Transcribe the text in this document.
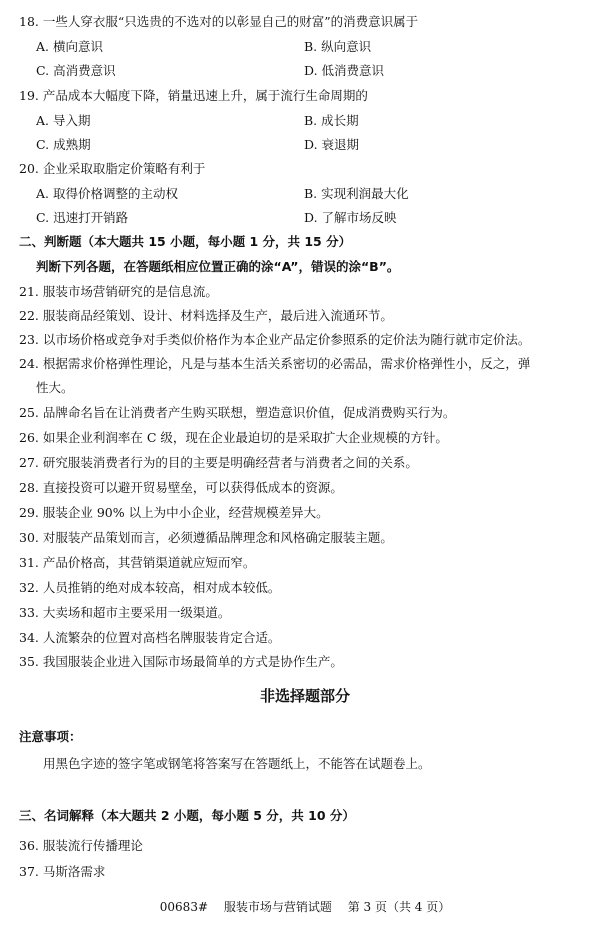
18. 一些人穿衣服“只选贵的不选对的以彰显自己的财富”的消费意识属于
A. 横向意识	B. 纵向意识
C. 高消费意识	D. 低消费意识
19. 产品成本大幅度下降，销量迅速上升，属于流行生命周期的
A. 导入期	B. 成长期
C. 成熟期	D. 衰退期
20. 企业采取取脂定价策略有利于
A. 取得价格调整的主动权	B. 实现利润最大化
C. 迅速打开销路	D. 了解市场反映
二、判断题（本大题共 15 小题，每小题 1 分，共 15 分）
判断下列各题，在答题纸相应位置正确的涂“A”，错误的涂“B”。
21. 服装市场营销研究的是信息流。
22. 服装商品经策划、设计、材料选择及生产，最后进入流通环节。
23. 以市场价格或竞争对手类似价格作为本企业产品定价参照系的定价法为随行就市定价法。
24. 根据需求价格弹性理论，凡是与基本生活关系密切的必需品，需求价格弹性小，反之，弹
性大。
25. 品牌命名旨在让消费者产生购买联想，塑造意识价值，促成消费购买行为。
26. 如果企业利润率在 C 级，现在企业最迫切的是采取扩大企业规模的方针。
27. 研究服装消费者行为的目的主要是明确经营者与消费者之间的关系。
28. 直接投资可以避开贸易壁垒，可以获得低成本的资源。
29. 服装企业 90% 以上为中小企业，经营规模差异大。
30. 对服装产品策划而言，必须遵循品牌理念和风格确定服装主题。
31. 产品价格高，其营销渠道就应短而窄。
32. 人员推销的绝对成本较高，相对成本较低。
33. 大卖场和超市主要采用一级渠道。
34. 人流繁杂的位置对高档名牌服装肯定合适。
35. 我国服装企业进入国际市场最简单的方式是协作生产。
非选择题部分
注意事项：
用黑色字迹的签字笔或钢笔将答案写在答题纸上，不能答在试题卷上。
三、名词解释（本大题共 2 小题，每小题 5 分，共 10 分）
36. 服装流行传播理论
37. 马斯洛需求
00683# 服装市场与营销试题 第 3 页（共 4 页）
